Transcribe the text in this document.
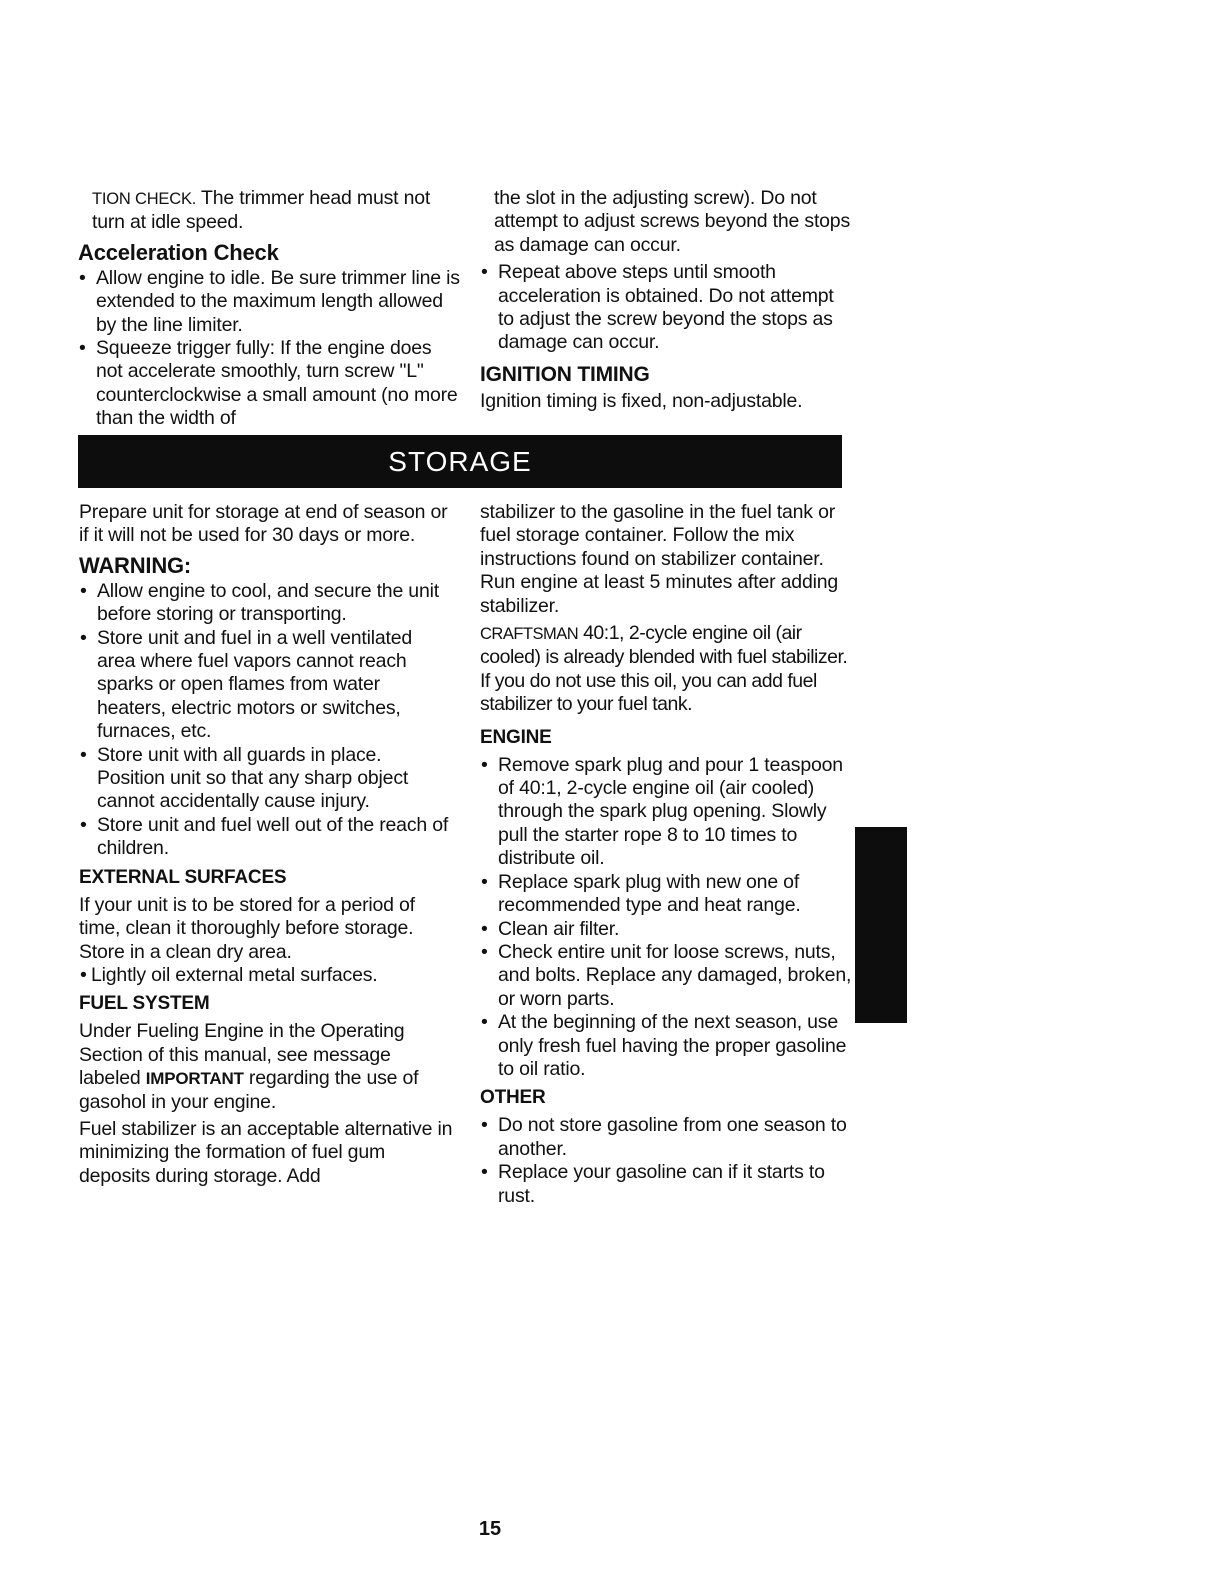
TION CHECK. The trimmer head must not turn at idle speed.

Acceleration Check
• Allow engine to idle. Be sure trimmer line is extended to the maximum length allowed by the line limiter.
• Squeeze trigger fully: If the engine does not accelerate smoothly, turn screw "L" counterclockwise a small amount (no more than the width of

the slot in the adjusting screw). Do not attempt to adjust screws beyond the stops as damage can occur.

• Repeat above steps until smooth acceleration is obtained. Do not attempt to adjust the screw beyond the stops as damage can occur.
IGNITION TIMING

Ignition timing is fixed, non-adjustable.

STORAGE

Prepare unit for storage at end of season or if it will not be used for 30 days or more.

WARNING:
• Allow engine to cool, and secure the unit before storing or transporting.
• Store unit and fuel in a well ventilated area where fuel vapors cannot reach sparks or open flames from water heaters, electric motors or switches, furnaces, etc.
• Store unit with all guards in place. Position unit so that any sharp object cannot accidentally cause injury.
• Store unit and fuel well out of the reach of children.
EXTERNAL SURFACES

If your unit is to be stored for a period of time, clean it thoroughly before storage. Store in a clean dry area.

• Lightly oil external metal surfaces.
FUEL SYSTEM

Under Fueling Engine in the Operating Section of this manual, see message labeled IMPORTANT regarding the use of gasohol in your engine.

Fuel stabilizer is an acceptable alternative in minimizing the formation of fuel gum deposits during storage. Add

stabilizer to the gasoline in the fuel tank or fuel storage container. Follow the mix instructions found on stabilizer container. Run engine at least 5 minutes after adding stabilizer.

CRAFTSMAN 40:1, 2-cycle engine oil (air cooled) is already blended with fuel stabilizer. If you do not use this oil, you can add fuel stabilizer to your fuel tank.

ENGINE
• Remove spark plug and pour 1 teaspoon of 40:1, 2-cycle engine oil (air cooled) through the spark plug opening. Slowly pull the starter rope 8 to 10 times to distribute oil.
• Replace spark plug with new one of recommended type and heat range.
• Clean air filter.
• Check entire unit for loose screws, nuts, and bolts. Replace any damaged, broken, or worn parts.
• At the beginning of the next season, use only fresh fuel having the proper gasoline to oil ratio.
OTHER
• Do not store gasoline from one season to another.
• Replace your gasoline can if it starts to rust.
15
